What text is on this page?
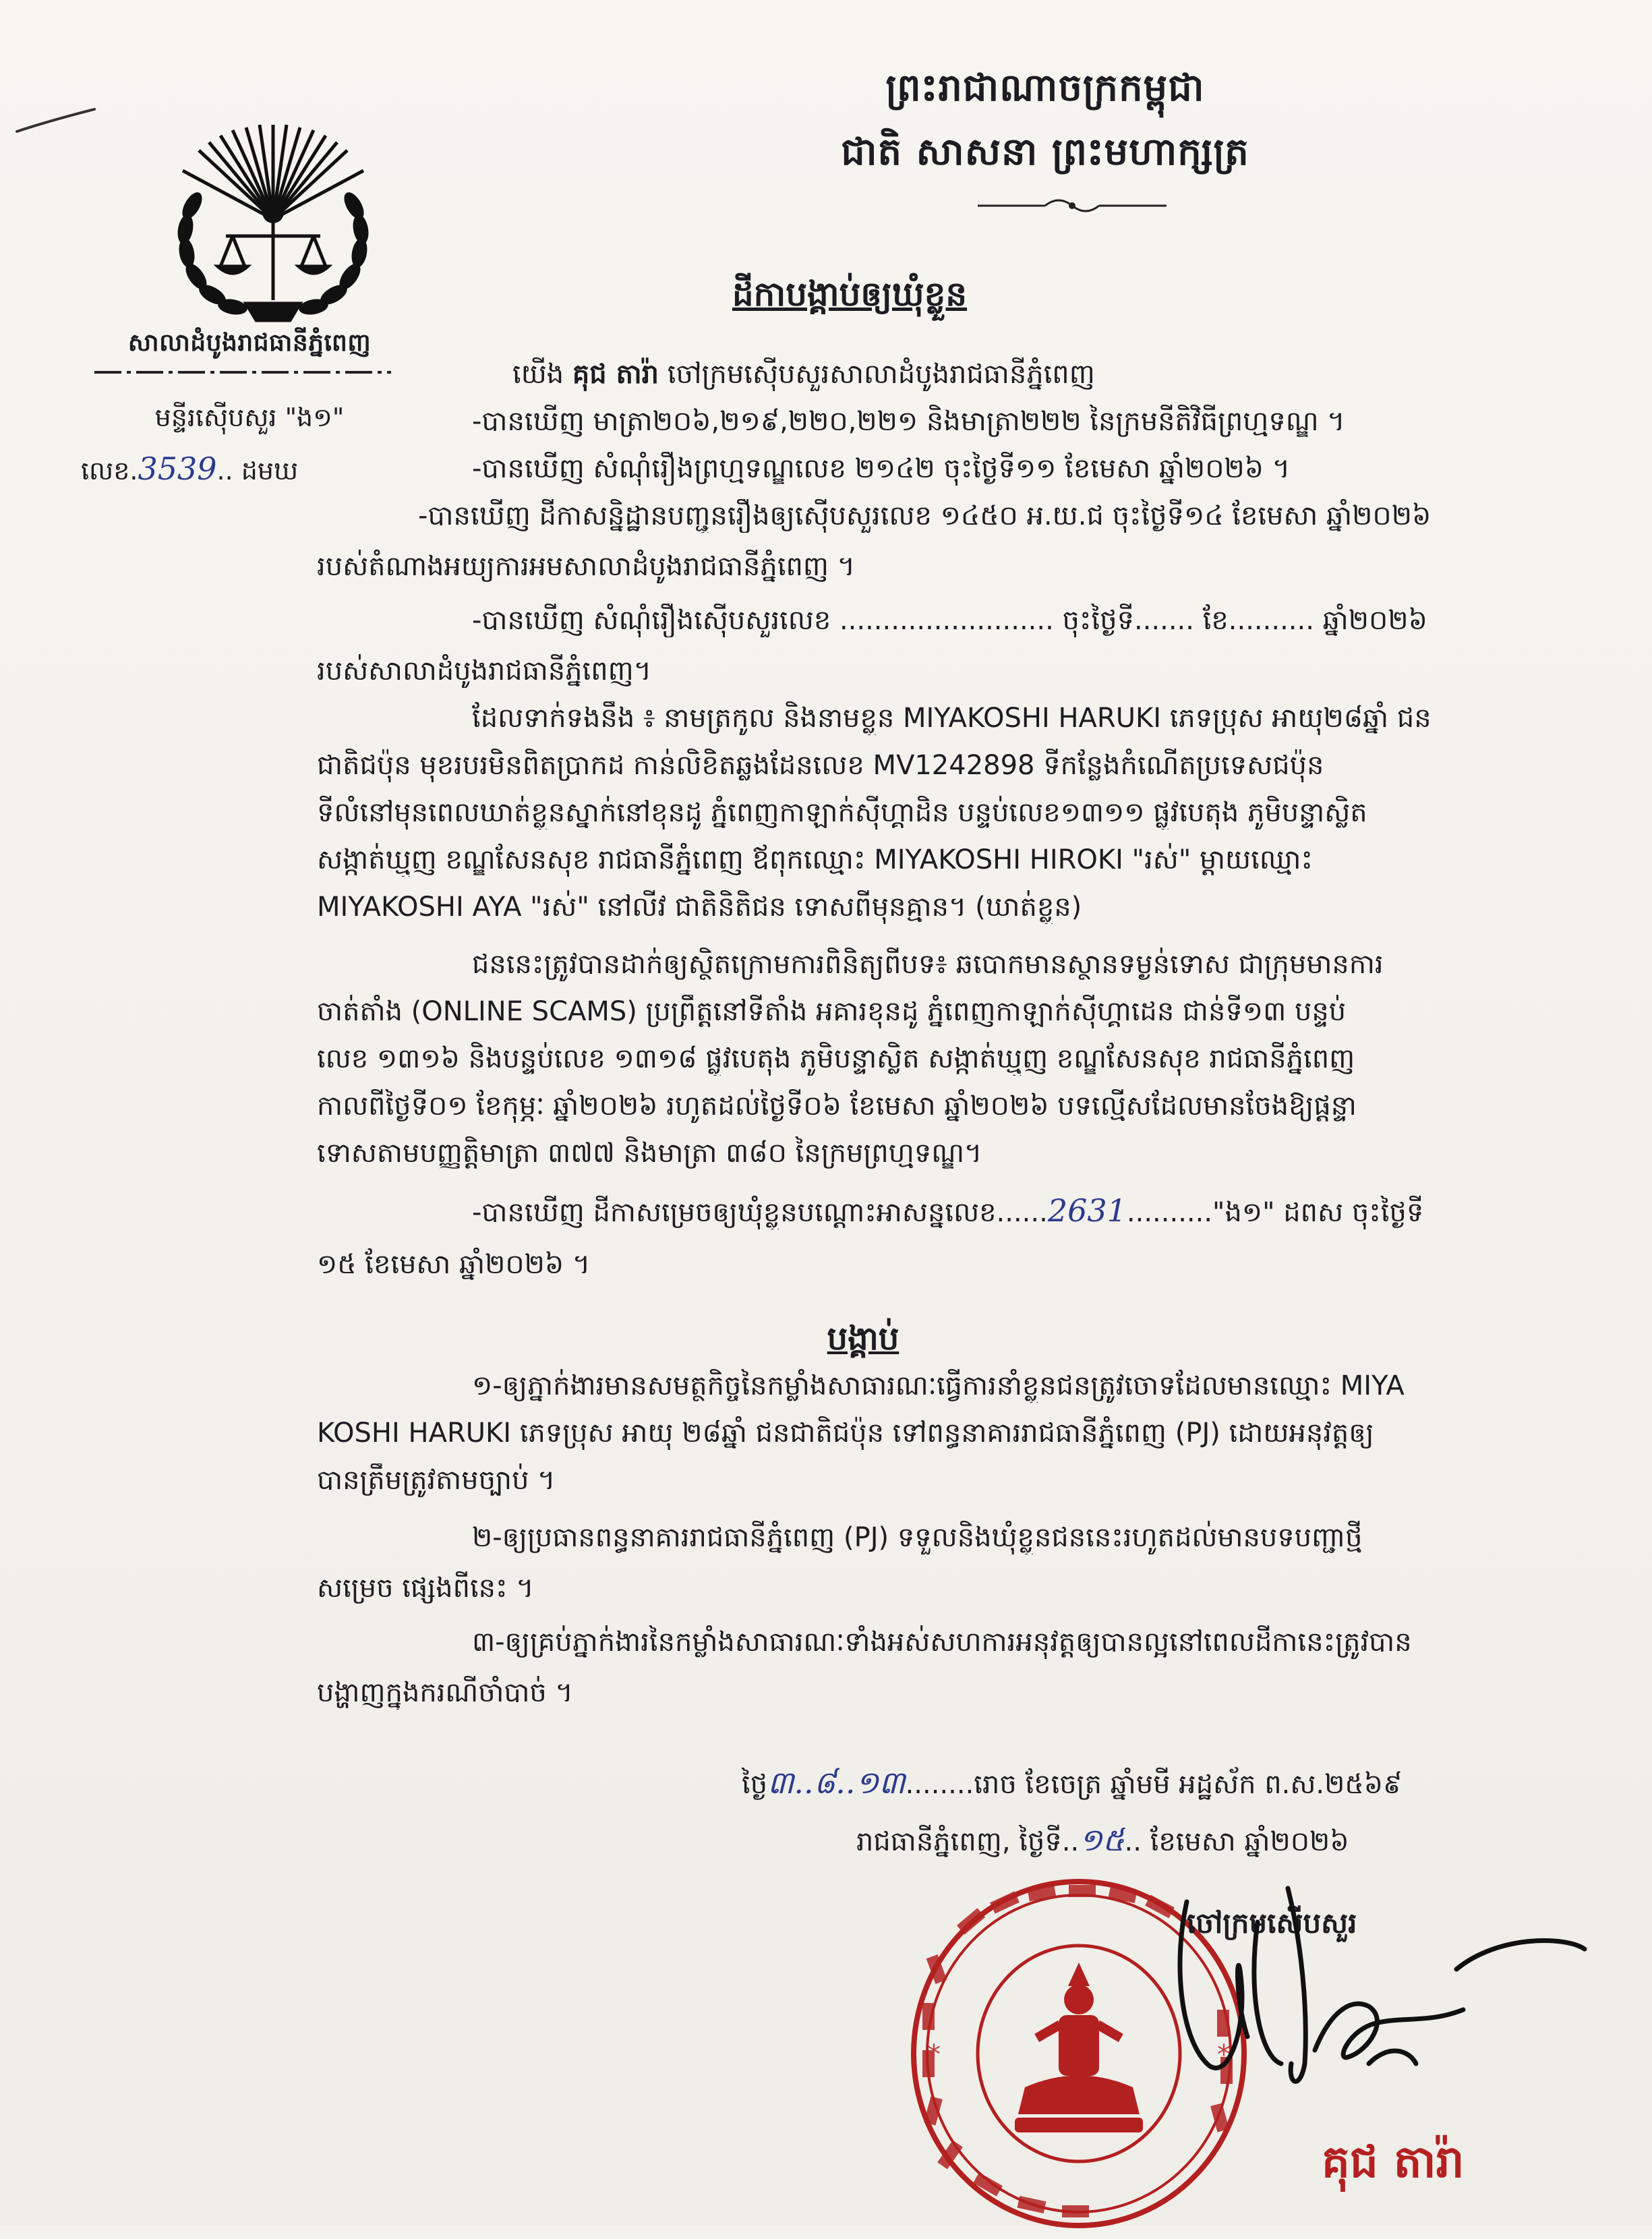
ព្រះរាជាណាចក្រកម្ពុជា
ជាតិ សាសនា ព្រះមហាក្សត្រ
សាលាដំបូងរាជធានីភ្នំពេញ
មន្ទីរស៊ើបសួរ "ង១"
លេខ.3539.. ដមឃ
ដីកាបង្គាប់ឲ្យឃុំខ្លួន
យើង គុជ តារ៉ា ចៅក្រមស៊ើបសួរសាលាដំបូងរាជធានីភ្នំពេញ
-បានឃើញ មាត្រា២០៦,២១៩,២២០,២២១ និងមាត្រា២២២ នៃក្រមនីតិវិធីព្រហ្មទណ្ឌ ។
-បានឃើញ សំណុំរឿងព្រហ្មទណ្ឌលេខ ២១៤២ ចុះថ្ងៃទី១១ ខែមេសា ឆ្នាំ២០២៦ ។
-បានឃើញ ដីកាសន្និដ្ឋានបញ្ជូនរឿងឲ្យស៊ើបសួរលេខ ១៤៥០ អ.យ.ជ ចុះថ្ងៃទី១៤ ខែមេសា ឆ្នាំ២០២៦
របស់តំណាងអយ្យការអមសាលាដំបូងរាជធានីភ្នំពេញ ។
-បានឃើញ សំណុំរឿងស៊ើបសួរលេខ ......................... ចុះថ្ងៃទី....... ខែ.......... ឆ្នាំ២០២៦
របស់សាលាដំបូងរាជធានីភ្នំពេញ។
ដែលទាក់ទងនឹង ៖ នាមត្រកូល និងនាមខ្លួន MIYAKOSHI HARUKI ភេទប្រុស អាយុ២៨ឆ្នាំ ជន
ជាតិជប៉ុន មុខរបរមិនពិតប្រាកដ កាន់លិខិតឆ្លងដែនលេខ MV1242898 ទីកន្លែងកំណើតប្រទេសជប៉ុន
ទីលំនៅមុនពេលឃាត់ខ្លួនស្នាក់នៅខុនដូ ភ្នំពេញកាឡាក់ស៊ីហ្គាដិន បន្ទប់លេខ១៣១១ ផ្លូវបេតុង ភូមិបន្ទាស្លិត
សង្កាត់ឃ្មួញ ខណ្ឌសែនសុខ រាជធានីភ្នំពេញ ឪពុកឈ្មោះ MIYAKOSHI HIROKI "រស់" ម្ដាយឈ្មោះ
MIYAKOSHI AYA "រស់" នៅលីវ ជាតិនិតិជន ទោសពីមុនគ្មាន។ (ឃាត់ខ្លួន)
ជននេះត្រូវបានដាក់ឲ្យស្ថិតក្រោមការពិនិត្យពីបទ៖ ឆបោកមានស្ថានទម្ងន់ទោស ជាក្រុមមានការ
ចាត់តាំង (ONLINE SCAMS) ប្រព្រឹត្តនៅទីតាំង អគារខុនដូ ភ្នំពេញកាឡាក់ស៊ីហ្គាដេន ជាន់ទី១៣ បន្ទប់
លេខ ១៣១៦ និងបន្ទប់លេខ ១៣១៨ ផ្លូវបេតុង ភូមិបន្ទាស្លិត សង្កាត់ឃ្មួញ ខណ្ឌសែនសុខ រាជធានីភ្នំពេញ
កាលពីថ្ងៃទី០១ ខែកុម្ភៈ ឆ្នាំ២០២៦ រហូតដល់ថ្ងៃទី០៦ ខែមេសា ឆ្នាំ២០២៦ បទល្មើសដែលមានចែងឱ្យផ្ដន្ទា
ទោសតាមបញ្ញត្តិមាត្រា ៣៧៧ និងមាត្រា ៣៨០ នៃក្រមព្រហ្មទណ្ឌ។
-បានឃើញ ដីកាសម្រេចឲ្យឃុំខ្លួនបណ្ដោះអាសន្នលេខ......2631.........."ង១" ដពស ចុះថ្ងៃទី
១៥ ខែមេសា ឆ្នាំ២០២៦ ។
បង្គាប់
១-ឲ្យភ្នាក់ងារមានសមត្ថកិច្ចនៃកម្លាំងសាធារណៈធ្វើការនាំខ្លួនជនត្រូវចោទដែលមានឈ្មោះ MIYA
KOSHI HARUKI ភេទប្រុស អាយុ ២៨ឆ្នាំ ជនជាតិជប៉ុន ទៅពន្ធនាគាររាជធានីភ្នំពេញ (PJ) ដោយអនុវត្តឲ្យ
បានត្រឹមត្រូវតាមច្បាប់ ។
២-ឲ្យប្រធានពន្ធនាគាររាជធានីភ្នំពេញ (PJ) ទទួលនិងឃុំខ្លួនជននេះរហូតដល់មានបទបញ្ជាថ្មី
សម្រេច ផ្សេងពីនេះ ។
៣-ឲ្យគ្រប់ភ្នាក់ងារនៃកម្លាំងសាធារណៈទាំងអស់សហការអនុវត្តឲ្យបានល្អនៅពេលដីកានេះត្រូវបាន
បង្ហាញក្នុងករណីចាំបាច់ ។
ថ្ងៃ៣..៨..១៣........រោច ខែចេត្រ ឆ្នាំមមី អដ្ឋស័ក ព.ស.២៥៦៩
រាជធានីភ្នំពេញ, ថ្ងៃទី..១៥.. ខែមេសា ឆ្នាំ២០២៦
*	*
ចៅក្រមស៊ើបសួរ
គុជ តារ៉ា
